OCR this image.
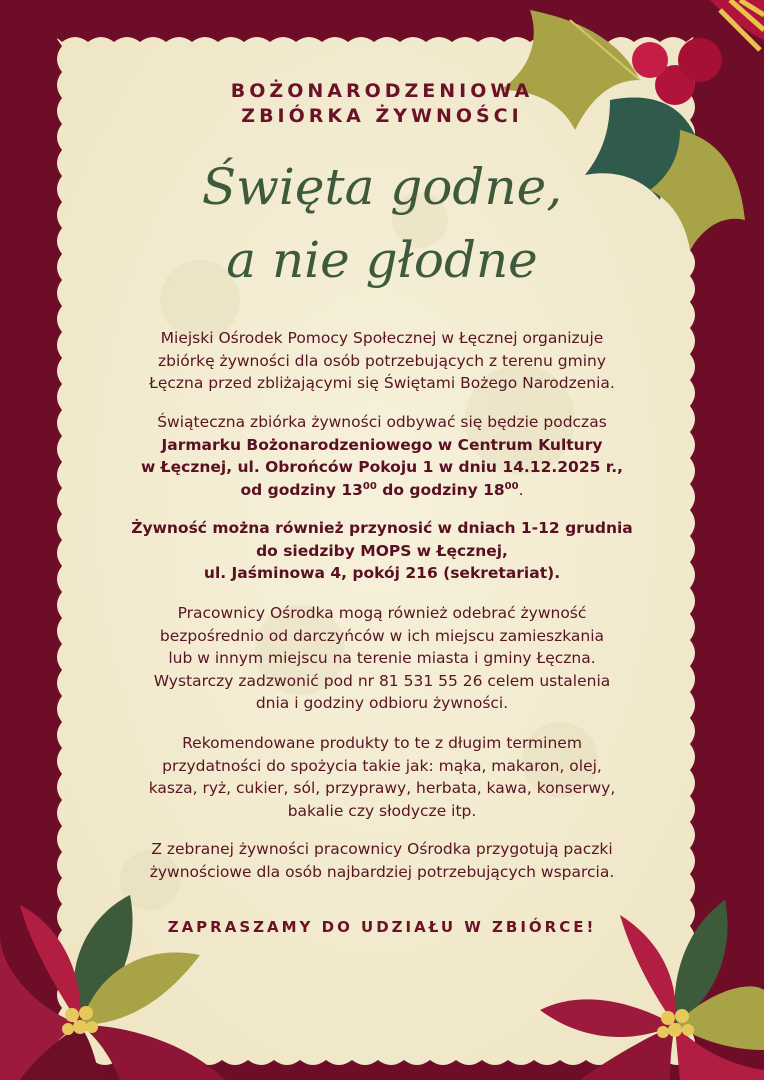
BOŻONARODZENIOWA
ZBIÓRKA ŻYWNOŚCI
Święta godne,
a nie głodne
Miejski Ośrodek Pomocy Społecznej w Łęcznej organizuje
zbiórkę żywności dla osób potrzebujących z terenu gminy
Łęczna przed zbliżającymi się Świętami Bożego Narodzenia.
Świąteczna zbiórka żywności odbywać się będzie podczas
Jarmarku Bożonarodzeniowego w Centrum Kultury
w Łęcznej, ul. Obrońców Pokoju 1 w dniu 14.12.2025 r.,
od godziny $13^{00}$ do godziny $18^{00}$.
Żywność można również przynosić w dniach 1-12 grudnia
do siedziby MOPS w Łęcznej,
ul. Jaśminowa 4, pokój 216 (sekretariat).
Pracownicy Ośrodka mogą również odebrać żywność
bezpośrednio od darczyńców w ich miejscu zamieszkania
lub w innym miejscu na terenie miasta i gminy Łęczna.
Wystarczy zadzwonić pod nr 81 531 55 26 celem ustalenia
dnia i godziny odbioru żywności.
Rekomendowane produkty to te z długim terminem
przydatności do spożycia takie jak: mąka, makaron, olej,
kasza, ryż, cukier, sól, przyprawy, herbata, kawa, konserwy,
bakalie czy słodycze itp.
Z zebranej żywności pracownicy Ośrodka przygotują paczki
żywnościowe dla osób najbardziej potrzebujących wsparcia.
ZAPRASZAMY DO UDZIAŁU W ZBIÓRCE!
